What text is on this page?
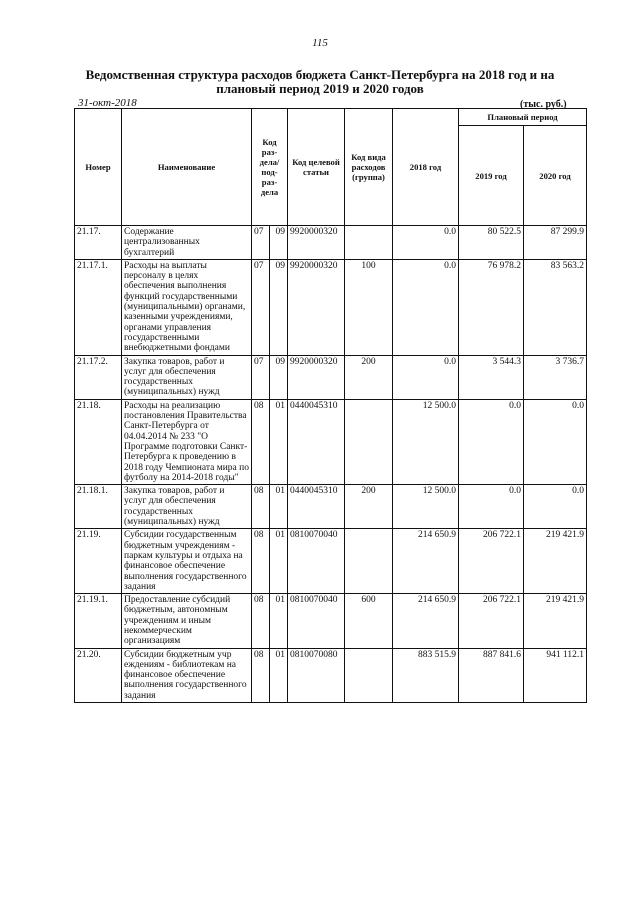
115
Ведомственная структура расходов бюджета Санкт-Петербурга на 2018 год и на плановый период 2019 и 2020 годов
31-окт-2018	(тыс. руб.)
Номер	Наименование	Код раз-дела/ под-раз-дела		Код целевой статьи	Код вида расходов (группа)	2018 год	Плановый период	
							2019 год	2020 год
21.17.	Содержание централизованных бухгалтерий	07	09	9920000320		0.0	80 522.5	87 299.9
21.17.1.	Расходы на выплаты персоналу в целях обеспечения выполнения функций государственными (муниципальными) органами, казенными учреждениями, органами управления государственными внебюджетными фондами	07	09	9920000320	100	0.0	76 978.2	83 563.2
21.17.2.	Закупка товаров, работ и услуг для обеспечения государственных (муниципальных) нужд	07	09	9920000320	200	0.0	3 544.3	3 736.7
21.18.	Расходы на реализацию постановления Правительства Санкт-Петербурга от 04.04.2014 № 233 "О Программе подготовки Санкт-Петербурга к проведению в 2018 году Чемпионата мира по футболу на 2014-2018 годы"	08	01	0440045310		12 500.0	0.0	0.0
21.18.1.	Закупка товаров, работ и услуг для обеспечения государственных (муниципальных) нужд	08	01	0440045310	200	12 500.0	0.0	0.0
21.19.	Субсидии государственным бюджетным учреждениям - паркам культуры и отдыха на финансовое обеспечение выполнения государственного задания	08	01	0810070040		214 650.9	206 722.1	219 421.9
21.19.1.	Предоставление субсидий бюджетным, автономным учреждениям и иным некоммерческим организациям	08	01	0810070040	600	214 650.9	206 722.1	219 421.9
21.20.	Субсидии бюджетным учр еждениям - библиотекам на финансовое обеспечение выполнения государственного задания	08	01	0810070080		883 515.9	887 841.6	941 112.1
